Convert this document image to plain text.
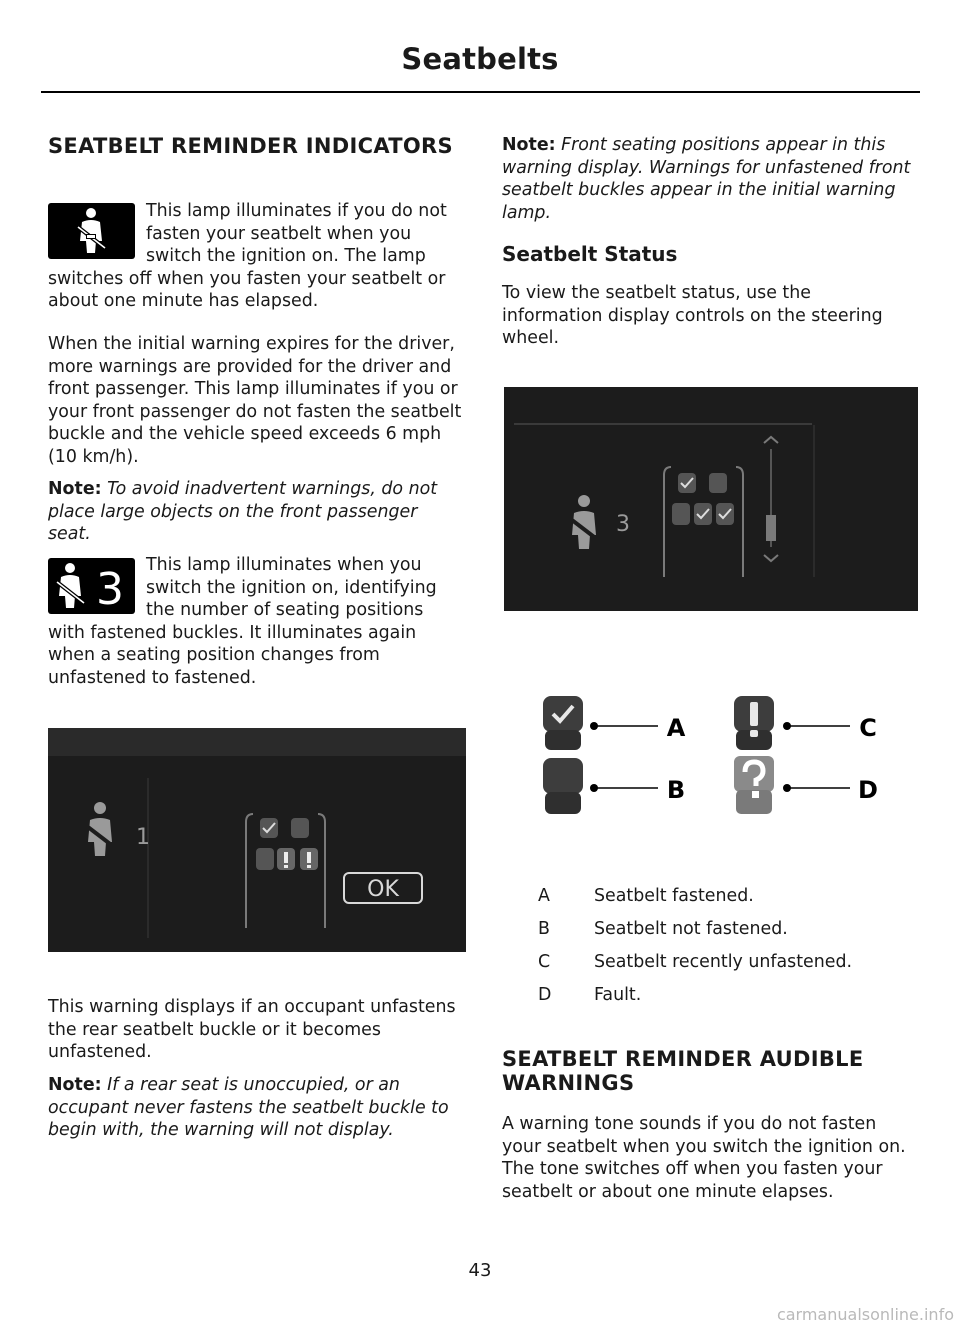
Seatbelts
SEATBELT REMINDER INDICATORS
This lamp illuminates if you do not fasten your seatbelt when you switch the ignition on. The lamp switches off when you fasten your seatbelt or about one minute has elapsed.

When the initial warning expires for the driver, more warnings are provided for the driver and front passenger. This lamp illuminates if you or your front passenger do not fasten the seatbelt buckle and the vehicle speed exceeds 6 mph (10 km/h).

Note: To avoid inadvertent warnings, do not place large objects on the front passenger seat.

This lamp illuminates when you switch the ignition on, identifying the number of seating positions with fastened buckles. It illuminates again when a seating position changes from unfastened to fastened.
3
1
OK

This warning displays if an occupant unfastens the rear seatbelt buckle or it becomes unfastened.

Note: If a rear seat is unoccupied, or an occupant never fastens the seatbelt buckle to begin with, the warning will not display.

Note: Front seating positions appear in this warning display. Warnings for unfastened front seatbelt buckles appear in the initial warning lamp.

Seatbelt Status

To view the seatbelt status, use the information display controls on the steering wheel.

3
A
B
C
D
A	Seatbelt fastened.
B	Seatbelt not fastened.
C	Seatbelt recently unfastened.
D Fault.
SEATBELT REMINDER AUDIBLE WARNINGS

A warning tone sounds if you do not fasten your seatbelt when you switch the ignition on. The tone switches off when you fasten your seatbelt or about one minute elapses.

43
carmanualsonline.info
